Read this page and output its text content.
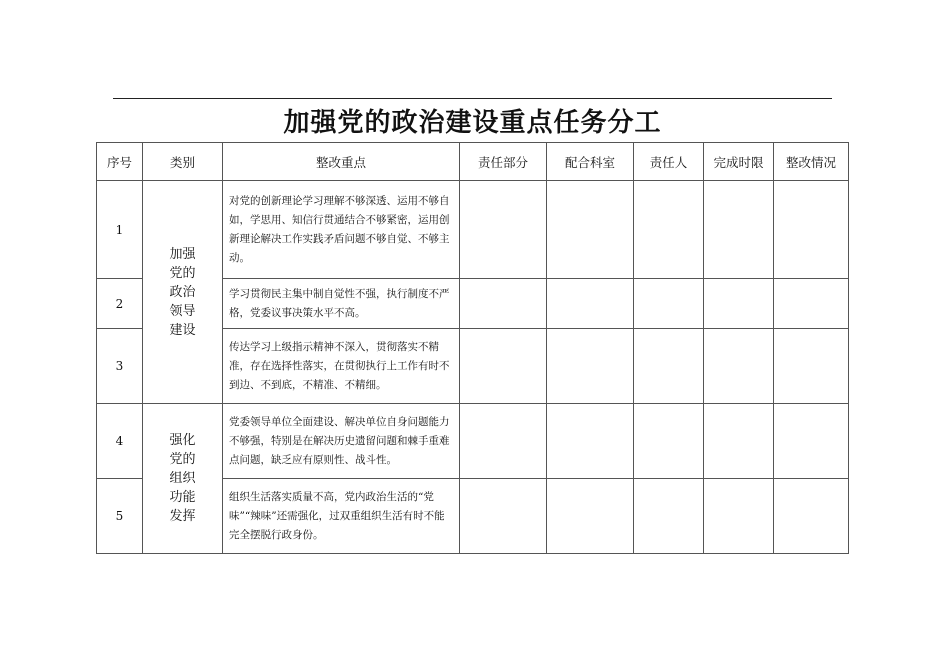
加强党的政治建设重点任务分工
序号	类别	整改重点	责任部分	配合科室	责任人	完成时限	整改情况
1	加强党的政治领导建设	对党的创新理论学习理解不够深透、运用不够自如，学思用、知信行贯通结合不够紧密，运用创新理论解决工作实践矛盾问题不够自觉、不够主动。					
2		学习贯彻民主集中制自觉性不强，执行制度不严格，党委议事决策水平不高。					
3		传达学习上级指示精神不深入，贯彻落实不精准，存在选择性落实，在贯彻执行上工作有时不到边、不到底，不精准、不精细。					
4	强化党的组织功能发挥	党委领导单位全面建设、解决单位自身问题能力不够强，特别是在解决历史遗留问题和棘手重难点问题，缺乏应有原则性、战斗性。					
5		组织生活落实质量不高，党内政治生活的“党味”“辣味”还需强化，过双重组织生活有时不能完全摆脱行政身份。					
